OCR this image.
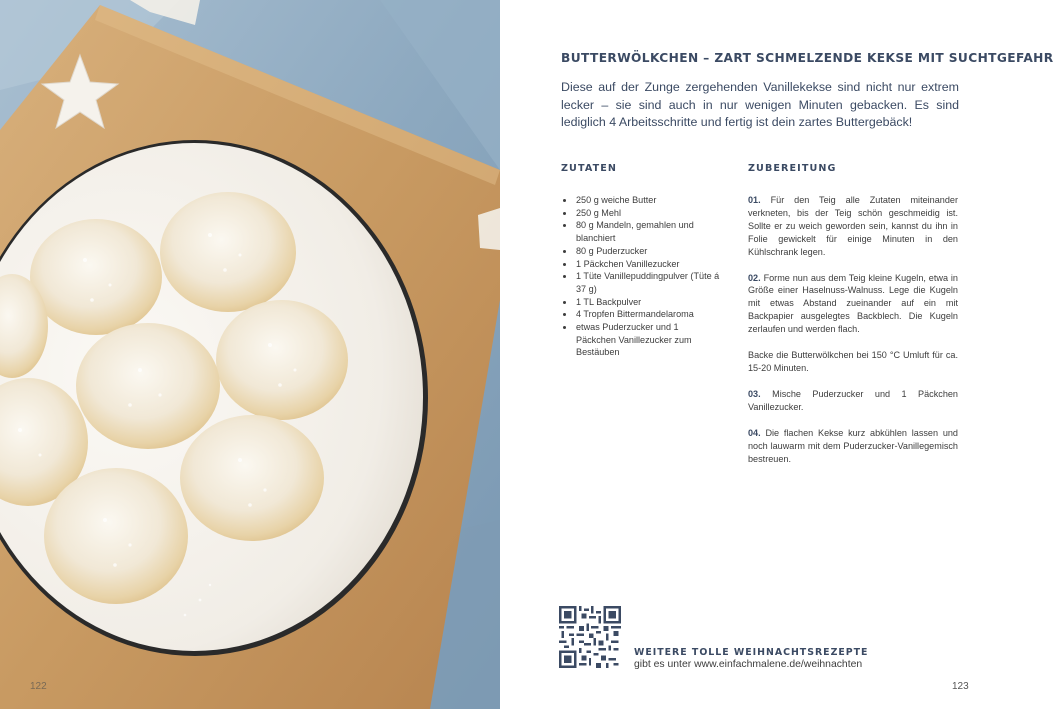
122
BUTTERWÖLKCHEN – ZART SCHMELZENDE KEKSE MIT SUCHTGEFAHR

Diese auf der Zunge zergehenden Vanillekekse sind nicht nur extrem lecker – sie sind auch in nur wenigen Minuten gebacken. Es sind lediglich 4 Arbeitsschritte und fertig ist dein zartes Buttergebäck!

ZUTATEN
250 g weiche Butter
250 g Mehl
80 g Mandeln, gemahlen und blanchiert
80 g Puderzucker
1 Päckchen Vanillezucker
1 Tüte Vanillepuddingpulver (Tüte á 37 g)
1 TL Backpulver
4 Tropfen Bittermandelaroma
etwas Puderzucker und 1 Päckchen Vanillezucker zum Bestäuben
ZUBEREITUNG

01. Für den Teig alle Zutaten miteinander verkneten, bis der Teig schön geschmeidig ist. Sollte er zu weich geworden sein, kannst du ihn in Folie gewickelt für einige Minuten in den Kühlschrank legen.

02. Forme nun aus dem Teig kleine Kugeln, etwa in Größe einer Haselnuss-Walnuss. Lege die Kugeln mit etwas Abstand zueinander auf ein mit Backpapier ausgelegtes Backblech. Die Kugeln zerlaufen und werden flach.

Backe die Butterwölkchen bei 150 °C Umluft für ca. 15-20 Minuten.

03. Mische Puderzucker und 1 Päckchen Vanillezucker.

04. Die flachen Kekse kurz abkühlen lassen und noch lauwarm mit dem Puderzucker-Vanillegemisch bestreuen.

WEITERE TOLLE WEIHNACHTSREZEPTE
gibt es unter www.einfachmalene.de/weihnachten
123
